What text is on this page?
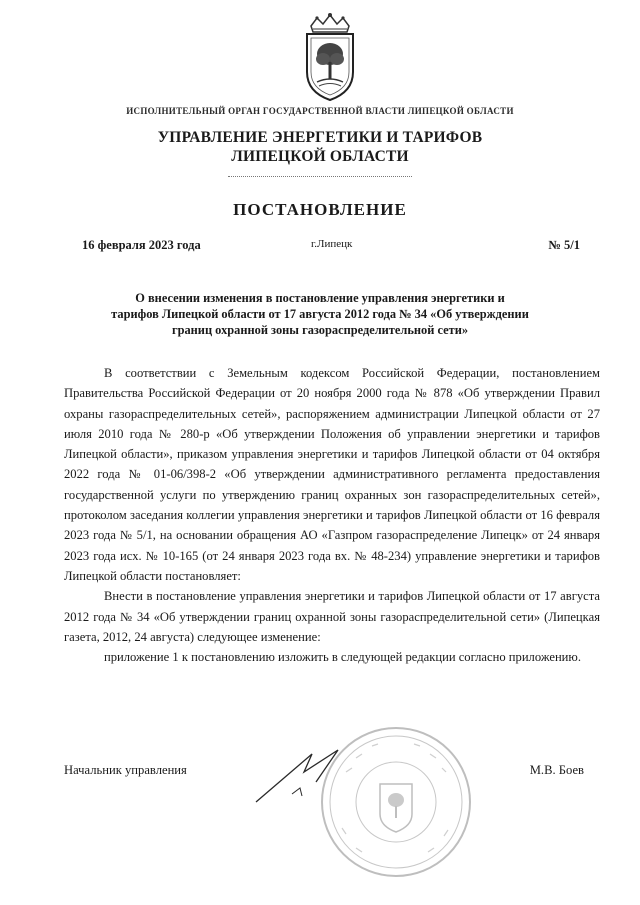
ИСПОЛНИТЕЛЬНЫЙ ОРГАН ГОСУДАРСТВЕННОЙ ВЛАСТИ ЛИПЕЦКОЙ ОБЛАСТИ
УПРАВЛЕНИЕ ЭНЕРГЕТИКИ И ТАРИФОВ
ЛИПЕЦКОЙ ОБЛАСТИ
ПОСТАНОВЛЕНИЕ
16 февраля 2023 года	г.Липецк	№ 5/1
О внесении изменения в постановление управления энергетики и
тарифов Липецкой области от 17 августа 2012 года № 34 «Об утверждении
границ охранной зоны газораспределительной сети»

В соответствии с Земельным кодексом Российской Федерации, постановлением Правительства Российской Федерации от 20 ноября 2000 года № 878 «Об утверждении Правил охраны газораспределительных сетей», распоряжением администрации Липецкой области от 27 июля 2010 года № 280-р «Об утверждении Положения об управлении энергетики и тарифов Липецкой области», приказом управления энергетики и тарифов Липецкой области от 04 октября 2022 года № 01-06/398-2 «Об утверждении административного регламента предоставления государственной услуги по утверждению границ охранных зон газораспределительных сетей», протоколом заседания коллегии управления энергетики и тарифов Липецкой области от 16 февраля 2023 года № 5/1, на основании обращения АО «Газпром газораспределение Липецк» от 24 января 2023 года исх. № 10-165 (от 24 января 2023 года вх. № 48-234) управление энергетики и тарифов Липецкой области постановляет:

Внести в постановление управления энергетики и тарифов Липецкой области от 17 августа 2012 года № 34 «Об утверждении границ охранной зоны газораспределительной сети» (Липецкая газета, 2012, 24 августа) следующее изменение:

приложение 1 к постановлению изложить в следующей редакции согласно приложению.

Начальник управления	М.В. Боев
